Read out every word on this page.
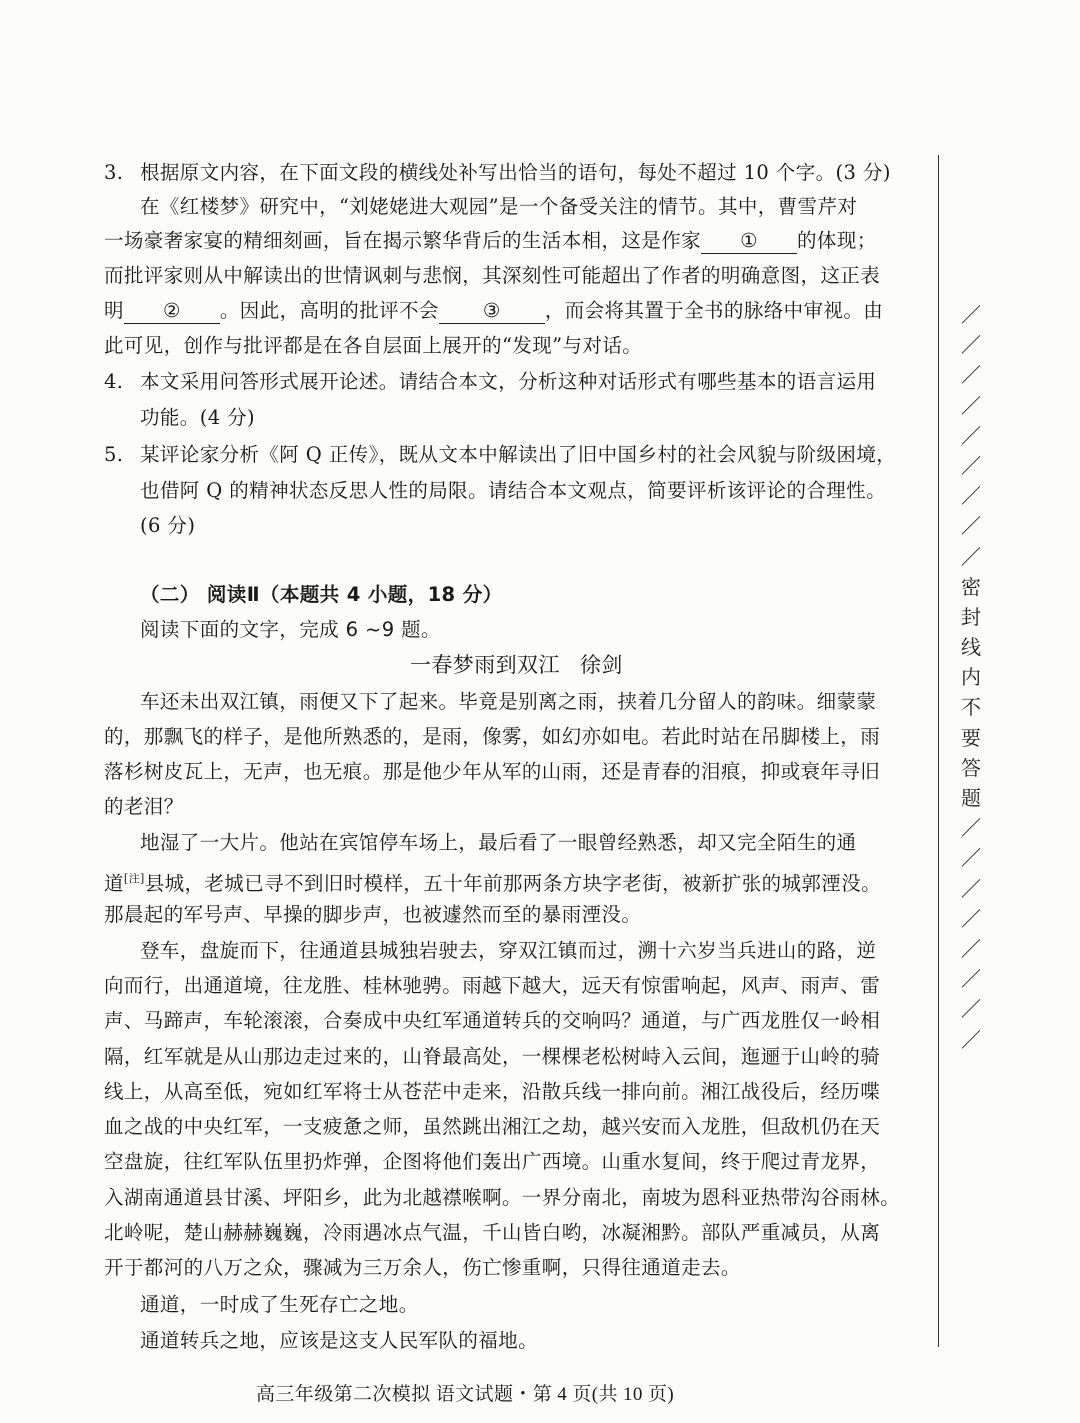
3. 根据原文内容，在下面文段的横线处补写出恰当的语句，每处不超过 10 个字。(3 分)
在《红楼梦》研究中，“刘姥姥进大观园”是一个备受关注的情节。其中，曹雪芹对
一场豪奢家宴的精细刻画，旨在揭示繁华背后的生活本相，这是作家 ① 的体现；
而批评家则从中解读出的世情讽刺与悲悯，其深刻性可能超出了作者的明确意图，这正表
明 ② 。因此，高明的批评不会 ③ ，而会将其置于全书的脉络中审视。由
此可见，创作与批评都是在各自层面上展开的“发现”与对话。
4. 本文采用问答形式展开论述。请结合本文，分析这种对话形式有哪些基本的语言运用
功能。(4 分)
5. 某评论家分析《阿 Q 正传》，既从文本中解读出了旧中国乡村的社会风貌与阶级困境，
也借阿 Q 的精神状态反思人性的局限。请结合本文观点，简要评析该评论的合理性。
(6 分)
（二） 阅读Ⅱ（本题共 4 小题，18 分）
阅读下面的文字，完成 6 ~9 题。
一春梦雨到双江 徐剑
车还未出双江镇，雨便又下了起来。毕竟是别离之雨，挟着几分留人的韵味。细蒙蒙
的，那飘飞的样子，是他所熟悉的，是雨，像雾，如幻亦如电。若此时站在吊脚楼上，雨
落杉树皮瓦上，无声，也无痕。那是他少年从军的山雨，还是青春的泪痕，抑或衰年寻旧
的老泪？
地湿了一大片。他站在宾馆停车场上，最后看了一眼曾经熟悉，却又完全陌生的通
道[注]县城，老城已寻不到旧时模样，五十年前那两条方块字老街，被新扩张的城郭湮没。
那晨起的军号声、早操的脚步声，也被遽然而至的暴雨湮没。
登车，盘旋而下，往通道县城独岩驶去，穿双江镇而过，溯十六岁当兵进山的路，逆
向而行，出通道境，往龙胜、桂林驰骋。雨越下越大，远天有惊雷响起，风声、雨声、雷
声、马蹄声，车轮滚滚，合奏成中央红军通道转兵的交响吗？通道，与广西龙胜仅一岭相
隔，红军就是从山那边走过来的，山脊最高处，一棵棵老松树峙入云间，迤逦于山岭的骑
线上，从高至低，宛如红军将士从苍茫中走来，沿散兵线一排向前。湘江战役后，经历喋
血之战的中央红军，一支疲惫之师，虽然跳出湘江之劫，越兴安而入龙胜，但敌机仍在天
空盘旋，往红军队伍里扔炸弹，企图将他们轰出广西境。山重水复间，终于爬过青龙界，
入湖南通道县甘溪、坪阳乡，此为北越襟喉啊。一界分南北，南坡为恩科亚热带沟谷雨林。
北岭呢，楚山赫赫巍巍，冷雨遇冰点气温，千山皆白哟，冰凝湘黔。部队严重减员，从离
开于都河的八万之众，骤减为三万余人，伤亡惨重啊，只得往通道走去。
通道，一时成了生死存亡之地。
通道转兵之地，应该是这支人民军队的福地。
／
／
／
／
／
／
／
／
／
密
封
线
内
不
要
答
题
／
／
／
／
／
／
／
／
高三年级第二次模拟 语文试题・第 4 页(共 10 页)
